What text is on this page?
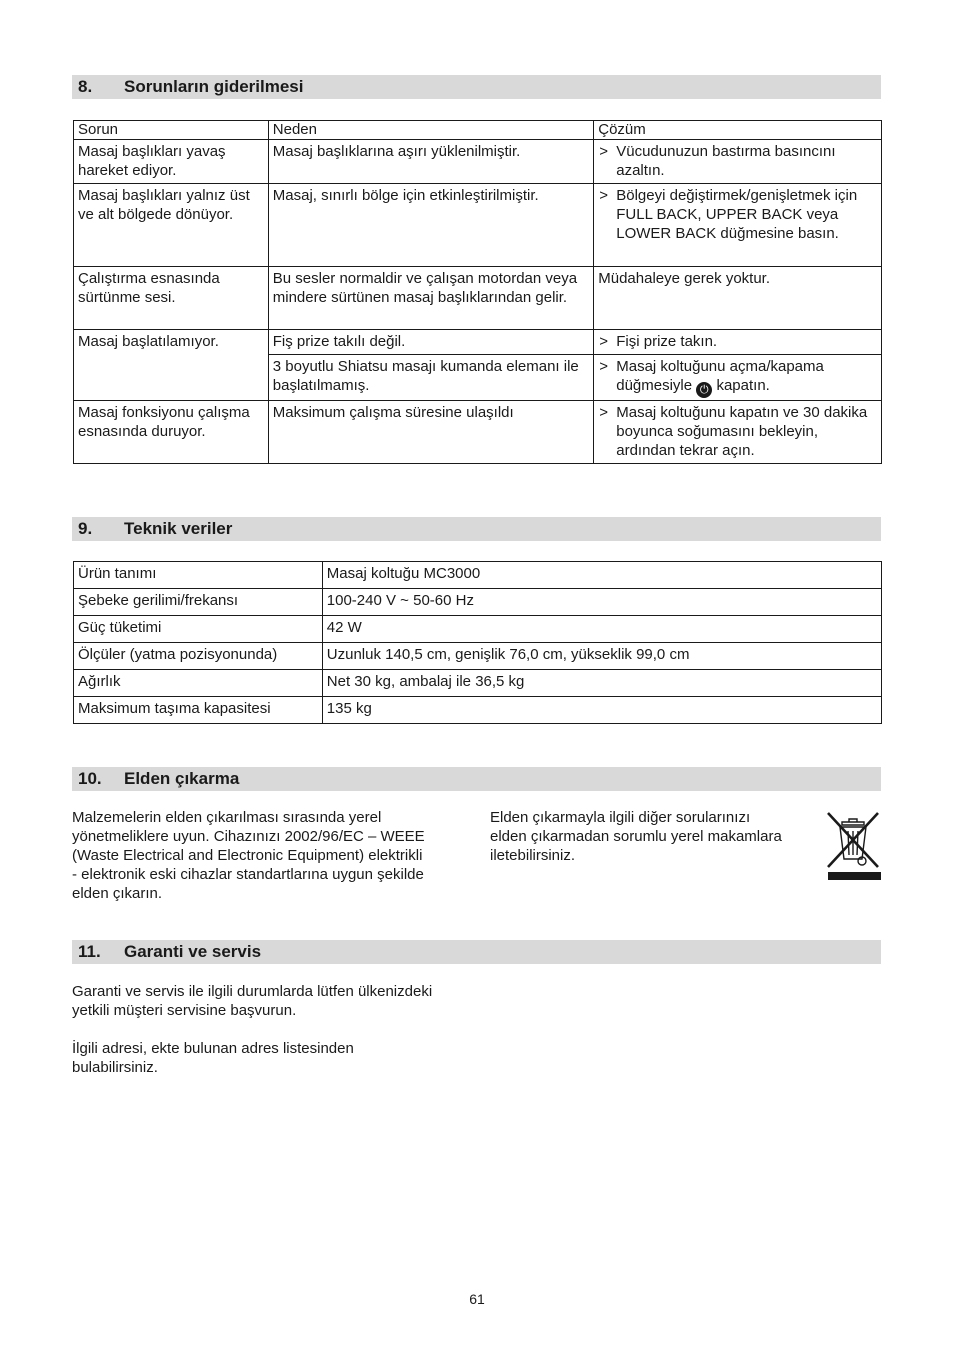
8. Sorunların giderilmesi
Sorun	Neden	Çözüm
Masaj başlıkları yavaş hareket ediyor.	Masaj başlıklarına aşırı yüklenilmiştir.	> Vücudunuzun bastırma basıncını azaltın.
Masaj başlıkları yalnız üst ve alt bölgede dönüyor.	Masaj, sınırlı bölge için etkinleştirilmiştir.	> Bölgeyi değiştirmek/genişletmek için FULL BACK, UPPER BACK veya LOWER BACK düğmesine basın.
Çalıştırma esnasında sürtünme sesi.	Bu sesler normaldir ve çalışan motordan veya mindere sürtünen masaj başlıklarından gelir.	Müdahaleye gerek yoktur.
Masaj başlatılamıyor.	Fiş prize takılı değil.	> Fişi prize takın.
	3 boyutlu Shiatsu masajı kumanda elemanı ile başlatılmamış.	> Masaj koltuğunu açma/kapama düğmesiyle ⏻ kapatın.
Masaj fonksiyonu çalışma esnasında duruyor.	Maksimum çalışma süresine ulaşıldı	> Masaj koltuğunu kapatın ve 30 dakika boyunca soğumasını bekleyin, ardından tekrar açın.
9. Teknik veriler
Ürün tanımı	Masaj koltuğu MC3000
Şebeke gerilimi/frekansı	100-240 V ~ 50-60 Hz
Güç tüketimi	42 W
Ölçüler (yatma pozisyonunda)	Uzunluk 140,5 cm, genişlik 76,0 cm, yükseklik 99,0 cm
Ağırlık	Net 30 kg, ambalaj ile 36,5 kg
Maksimum taşıma kapasitesi	135 kg
10. Elden çıkarma
Malzemelerin elden çıkarılması sırasında yerel
yönetmeliklere uyun. Cihazınızı 2002/96/EC – WEEE
(Waste Electrical and Electronic Equipment) elektrikli
- elektronik eski cihazlar standartlarına uygun şekilde
elden çıkarın.
Elden çıkarmayla ilgili diğer sorularınızı
elden çıkarmadan sorumlu yerel makamlara
iletebilirsiniz.
11. Garanti ve servis
Garanti ve servis ile ilgili durumlarda lütfen ülkenizdeki
yetkili müşteri servisine başvurun.
İlgili adresi, ekte bulunan adres listesinden
bulabilirsiniz.
61
